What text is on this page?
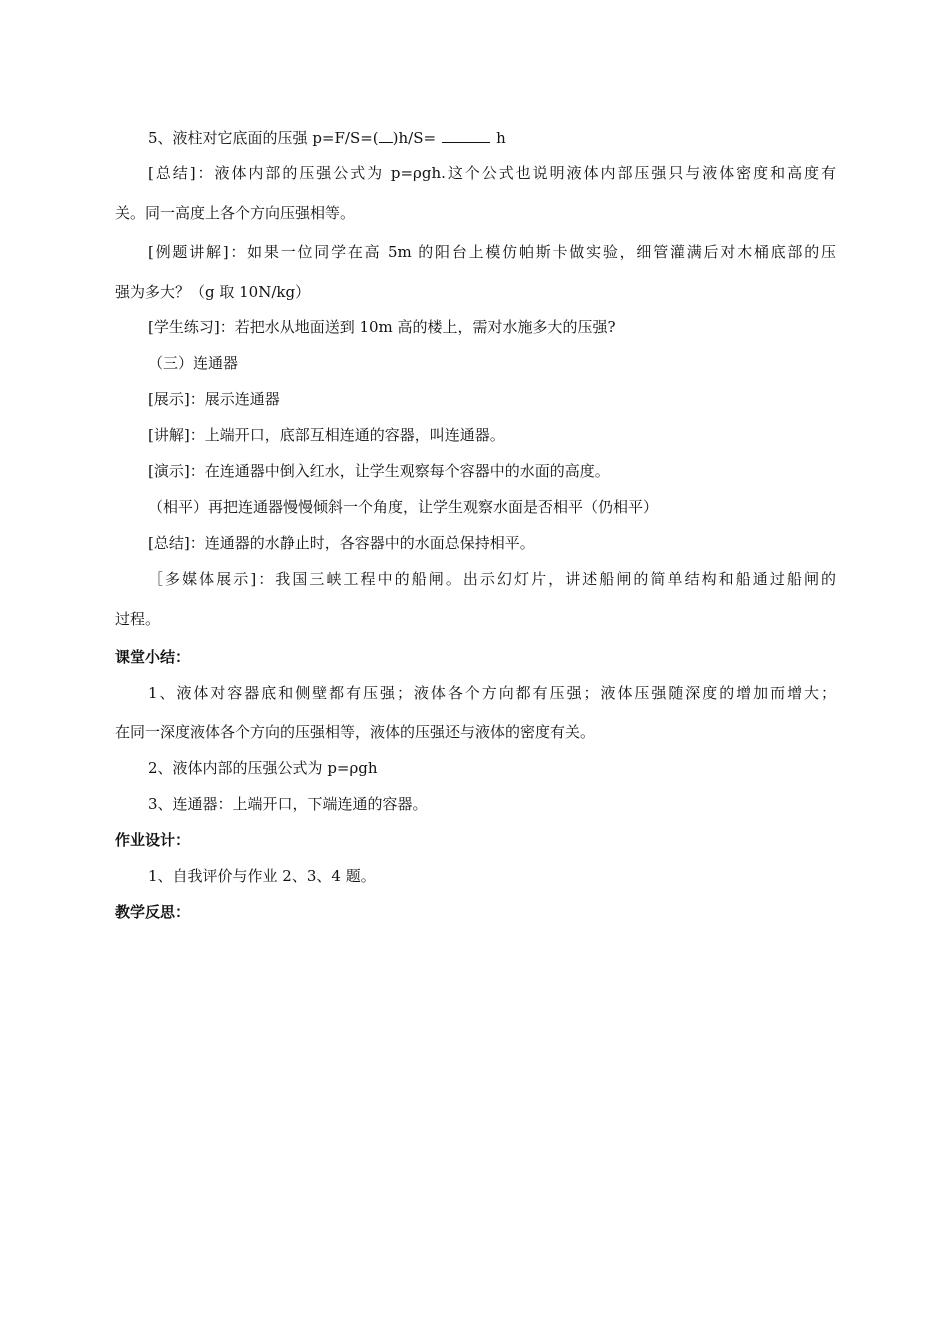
5、液柱对它底面的压强 p=F/S=( )h/S=	h
[总结]：液体内部的压强公式为 p=ρgh.这个公式也说明液体内部压强只与液体密度和高度有
关。同一高度上各个方向压强相等。
[例题讲解]：如果一位同学在高 5m 的阳台上模仿帕斯卡做实验，细管灌满后对木桶底部的压
强为多大？（g 取 10N/kg）
[学生练习]：若把水从地面送到 10m 高的楼上，需对水施多大的压强?
（三）连通器
[展示]：展示连通器
[讲解]：上端开口，底部互相连通的容器，叫连通器。
[演示]：在连通器中倒入红水，让学生观察每个容器中的水面的高度。
（相平）再把连通器慢慢倾斜一个角度，让学生观察水面是否相平（仍相平）
[总结]：连通器的水静止时，各容器中的水面总保持相平。
［多媒体展示]：我国三峡工程中的船闸。出示幻灯片，讲述船闸的简单结构和船通过船闸的
过程。
课堂小结：
1、液体对容器底和侧壁都有压强；液体各个方向都有压强；液体压强随深度的增加而增大；
在同一深度液体各个方向的压强相等，液体的压强还与液体的密度有关。
2、液体内部的压强公式为 p=ρgh
3、连通器：上端开口，下端连通的容器。
作业设计：
1、自我评价与作业 2、3、4 题。
教学反思：
